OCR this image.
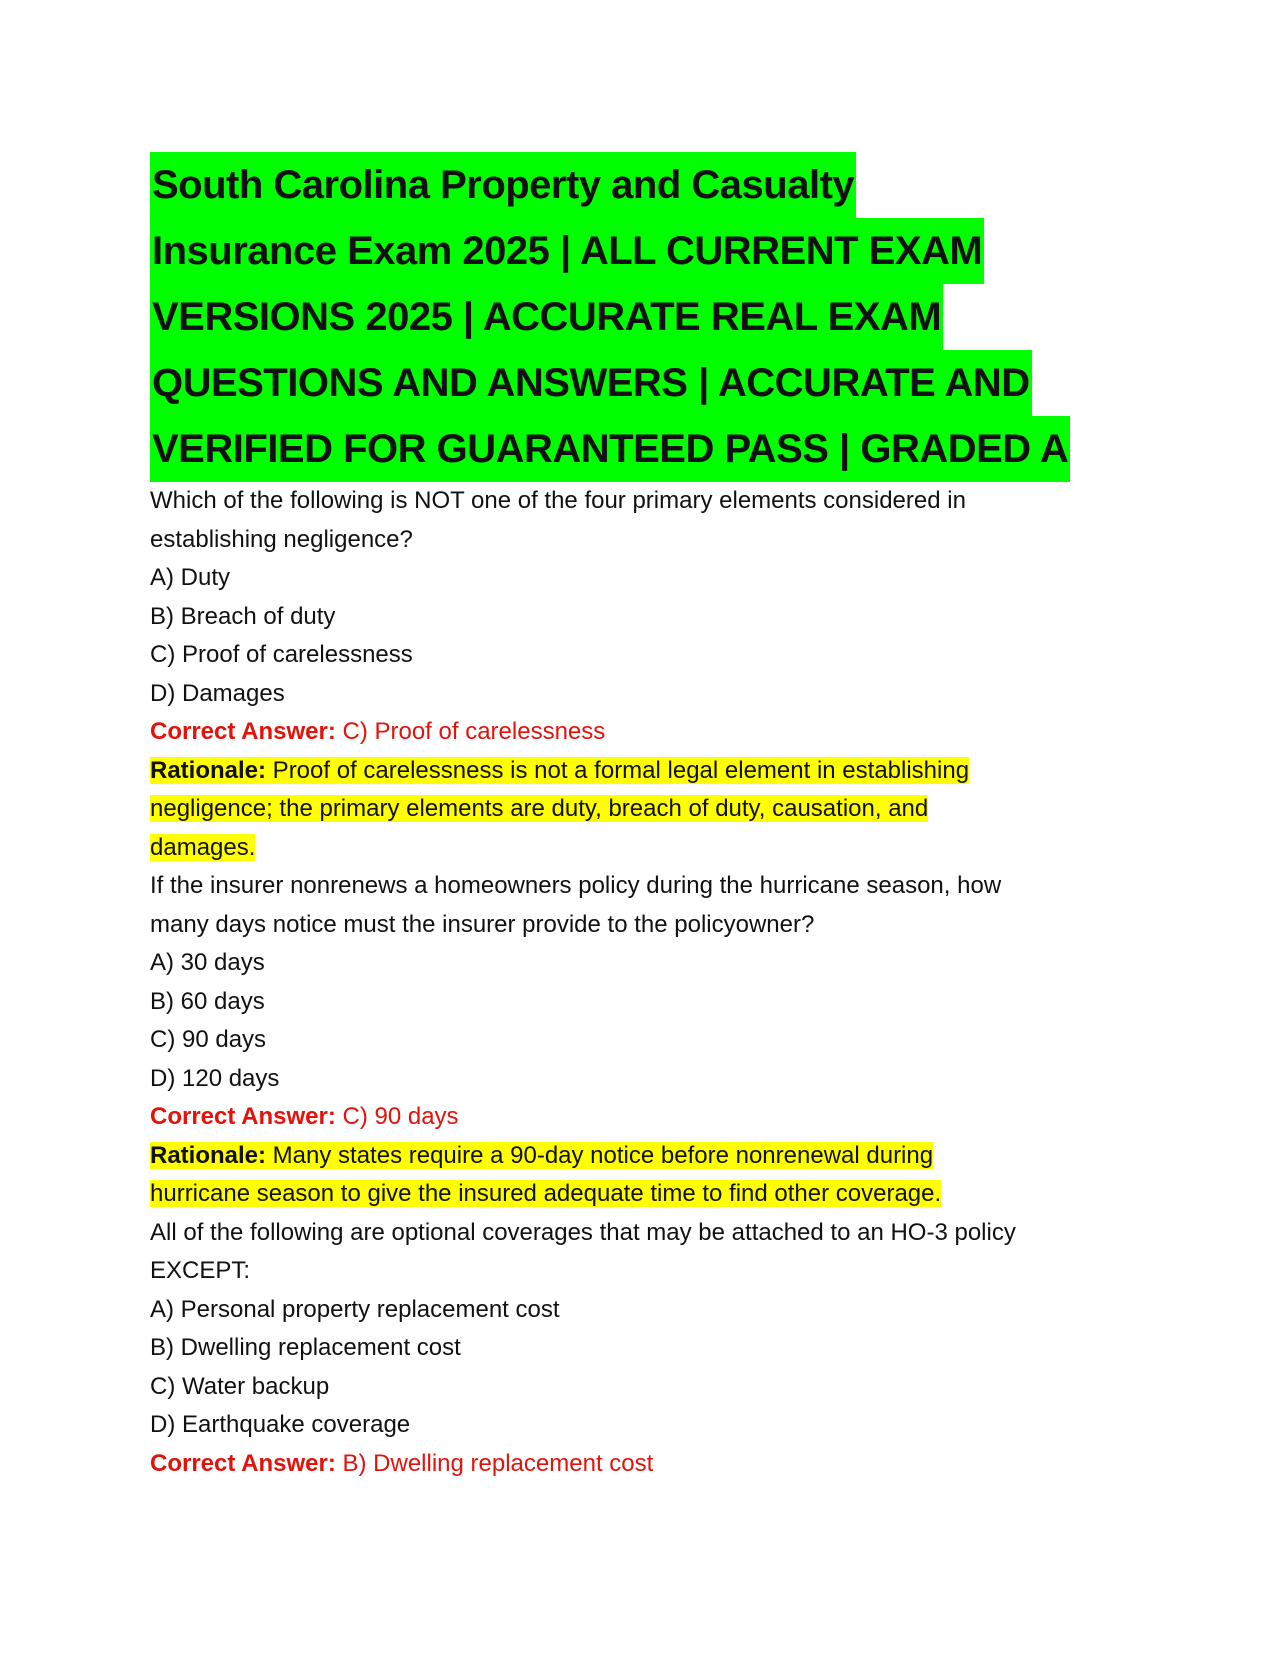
South Carolina Property and Casualty
Insurance Exam 2025 | ALL CURRENT EXAM
VERSIONS 2025 | ACCURATE REAL EXAM
QUESTIONS AND ANSWERS | ACCURATE AND
VERIFIED FOR GUARANTEED PASS | GRADED A
Which of the following is NOT one of the four primary elements considered in
establishing negligence?
A) Duty
B) Breach of duty
C) Proof of carelessness
D) Damages
Correct Answer: C) Proof of carelessness
Rationale: Proof of carelessness is not a formal legal element in establishing
negligence; the primary elements are duty, breach of duty, causation, and
damages.
If the insurer nonrenews a homeowners policy during the hurricane season, how
many days notice must the insurer provide to the policyowner?
A) 30 days
B) 60 days
C) 90 days
D) 120 days
Correct Answer: C) 90 days
Rationale: Many states require a 90-day notice before nonrenewal during
hurricane season to give the insured adequate time to find other coverage.
All of the following are optional coverages that may be attached to an HO-3 policy
EXCEPT:
A) Personal property replacement cost
B) Dwelling replacement cost
C) Water backup
D) Earthquake coverage
Correct Answer: B) Dwelling replacement cost
